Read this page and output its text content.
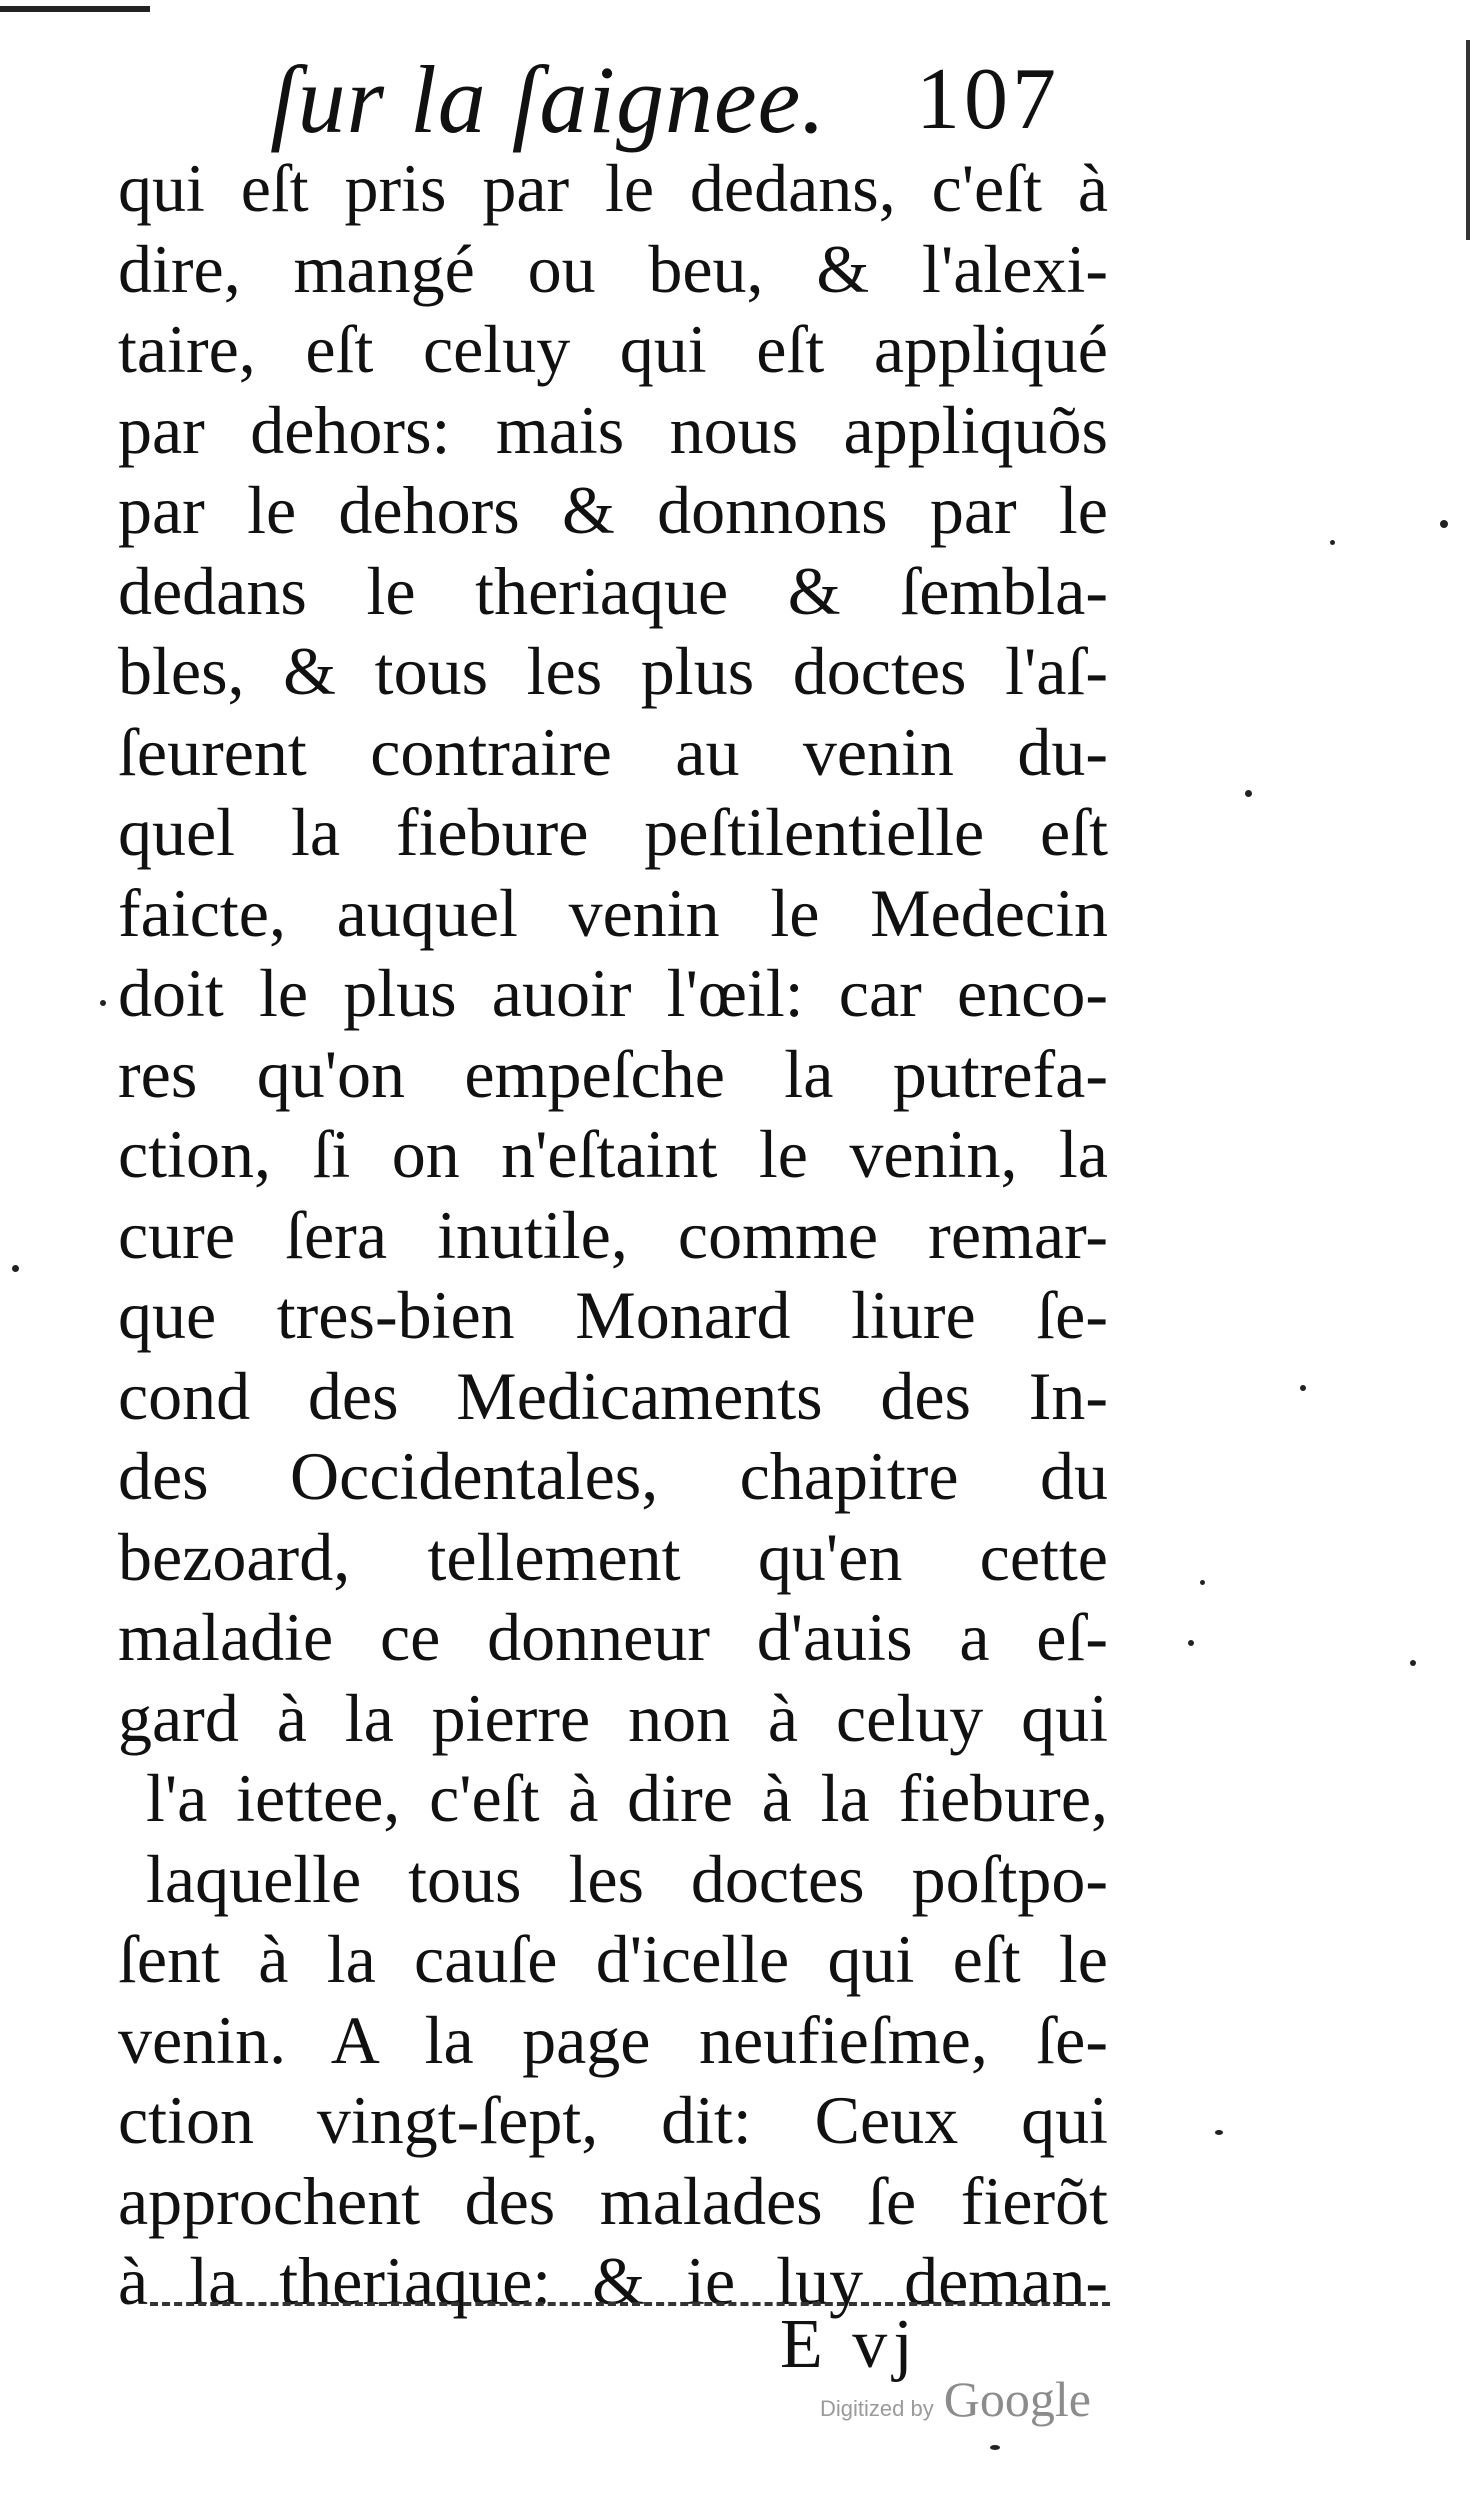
ſur la ſaignee. 107
qui eſt pris par le dedans, c'eſt à
dire, mangé ou beu, & l'alexi-
taire, eſt celuy qui eſt appliqué
par dehors: mais nous appliquõs
par le dehors & donnons par le
dedans le theriaque & ſembla-
bles, & tous les plus doctes l'aſ-
ſeurent contraire au venin du-
quel la fiebure peſtilentielle eſt
faicte, auquel venin le Medecin
doit le plus auoir l'œil: car enco-
res qu'on empeſche la putrefa-
ction, ſi on n'eſtaint le venin, la
cure ſera inutile, comme remar-
que tres-bien Monard liure ſe-
cond des Medicaments des In-
des Occidentales, chapitre du
bezoard, tellement qu'en cette
maladie ce donneur d'auis a eſ-
gard à la pierre non à celuy qui
l'a iettee, c'eſt à dire à la fiebure,
laquelle tous les doctes poſtpo-
ſent à la cauſe d'icelle qui eſt le
venin. A la page neufieſme, ſe-
ction vingt-ſept, dit: Ceux qui
approchent des malades ſe fierõt
à la theriaque: & ie luy deman-
E vj
Digitized by Google
